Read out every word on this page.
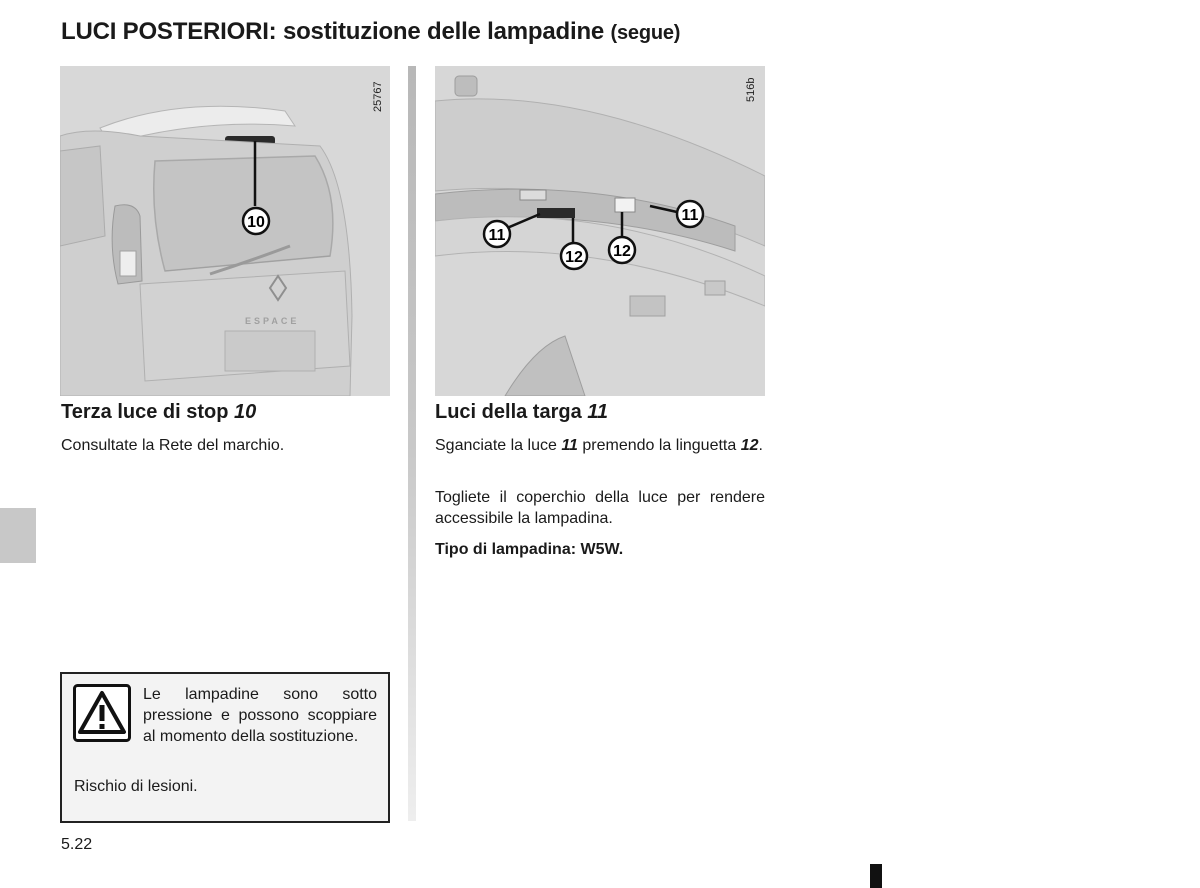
LUCI POSTERIORI: sostituzione delle lampadine (segue)
ESPACE
10
25767
11
11
12 12
516b
Terza luce di stop 10

Consultate la Rete del marchio.

Luci della targa 11

Sganciate la luce 11 premendo la linguetta 12.

Togliete il coperchio della luce per rendere accessibile la lampadina.

Tipo di lampadina: W5W.

Le lampadine sono sotto pressione e possono scoppiare al momento della sostituzione.

Rischio di lesioni.

5.22
